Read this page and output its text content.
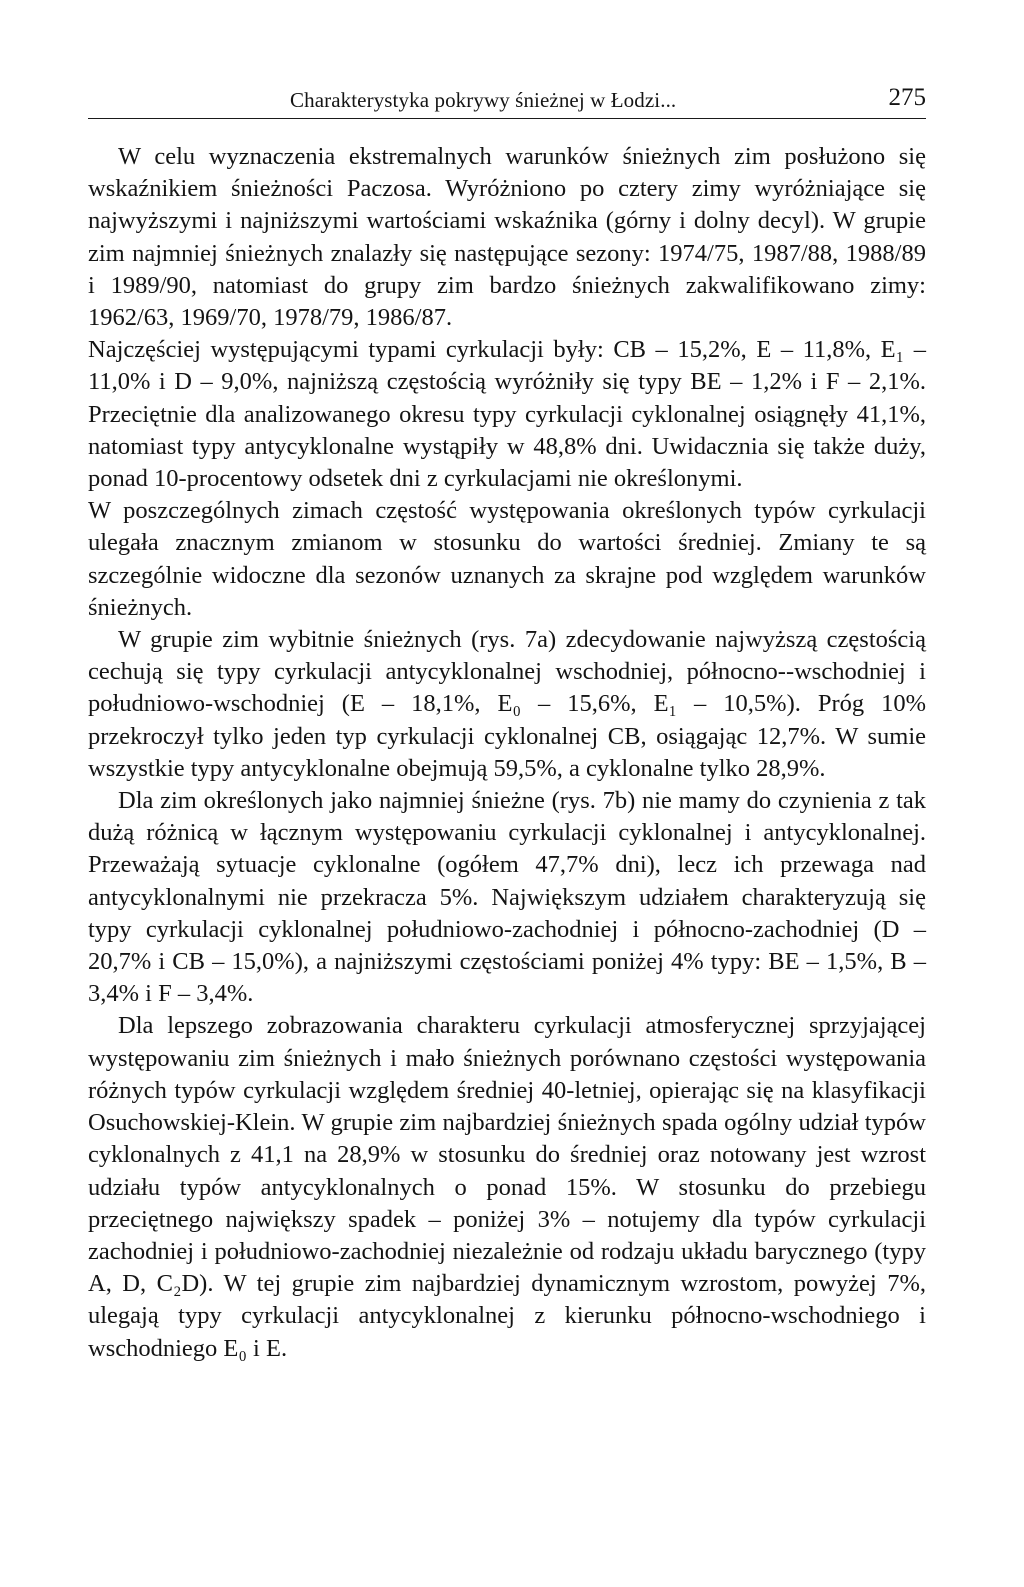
Charakterystyka pokrywy śnieżnej w Łodzi...	275

W celu wyznaczenia ekstremalnych warunków śnieżnych zim posłużono się wskaźnikiem śnieżności Paczosa. Wyróżniono po cztery zimy wyróżniające się najwyższymi i najniższymi wartościami wskaźnika (górny i dolny decyl). W grupie zim najmniej śnieżnych znalazły się następujące sezony: 1974/75, 1987/88, 1988/89 i 1989/90, natomiast do grupy zim bardzo śnieżnych zakwalifikowano zimy: 1962/63, 1969/70, 1978/79, 1986/87.

Najczęściej występującymi typami cyrkulacji były: CB – 15,2%, E – 11,8%, E₁ – 11,0% i D – 9,0%, najniższą częstością wyróżniły się typy BE – 1,2% i F – 2,1%. Przeciętnie dla analizowanego okresu typy cyrkulacji cyklonalnej osiągnęły 41,1%, natomiast typy antycyklonalne wystąpiły w 48,8% dni. Uwidacznia się także duży, ponad 10-procentowy odsetek dni z cyrkulacjami nie określonymi.

W poszczególnych zimach częstość występowania określonych typów cyrkulacji ulegała znacznym zmianom w stosunku do wartości średniej. Zmiany te są szczególnie widoczne dla sezonów uznanych za skrajne pod względem warunków śnieżnych.

W grupie zim wybitnie śnieżnych (rys. 7a) zdecydowanie najwyższą częstością cechują się typy cyrkulacji antycyklonalnej wschodniej, północno--wschodniej i południowo-wschodniej (E – 18,1%, E₀ – 15,6%, E₁ – 10,5%). Próg 10% przekroczył tylko jeden typ cyrkulacji cyklonalnej CB, osiągając 12,7%. W sumie wszystkie typy antycyklonalne obejmują 59,5%, a cyklonalne tylko 28,9%.

Dla zim określonych jako najmniej śnieżne (rys. 7b) nie mamy do czynienia z tak dużą różnicą w łącznym występowaniu cyrkulacji cyklonalnej i antycyklonalnej. Przeważają sytuacje cyklonalne (ogółem 47,7% dni), lecz ich przewaga nad antycyklonalnymi nie przekracza 5%. Największym udziałem charakteryzują się typy cyrkulacji cyklonalnej południowo-zachodniej i północno-zachodniej (D – 20,7% i CB – 15,0%), a najniższymi częstościami poniżej 4% typy: BE – 1,5%, B – 3,4% i F – 3,4%.

Dla lepszego zobrazowania charakteru cyrkulacji atmosferycznej sprzyjającej występowaniu zim śnieżnych i mało śnieżnych porównano częstości występowania różnych typów cyrkulacji względem średniej 40-letniej, opierając się na klasyfikacji Osuchowskiej-Klein. W grupie zim najbardziej śnieżnych spada ogólny udział typów cyklonalnych z 41,1 na 28,9% w stosunku do średniej oraz notowany jest wzrost udziału typów antycyklonalnych o ponad 15%. W stosunku do przebiegu przeciętnego największy spadek – poniżej 3% – notujemy dla typów cyrkulacji zachodniej i południowo-zachodniej niezależnie od rodzaju układu barycznego (typy A, D, C₂D). W tej grupie zim najbardziej dynamicznym wzrostom, powyżej 7%, ulegają typy cyrkulacji antycyklonalnej z kierunku północno-wschodniego i wschodniego E₀ i E.
